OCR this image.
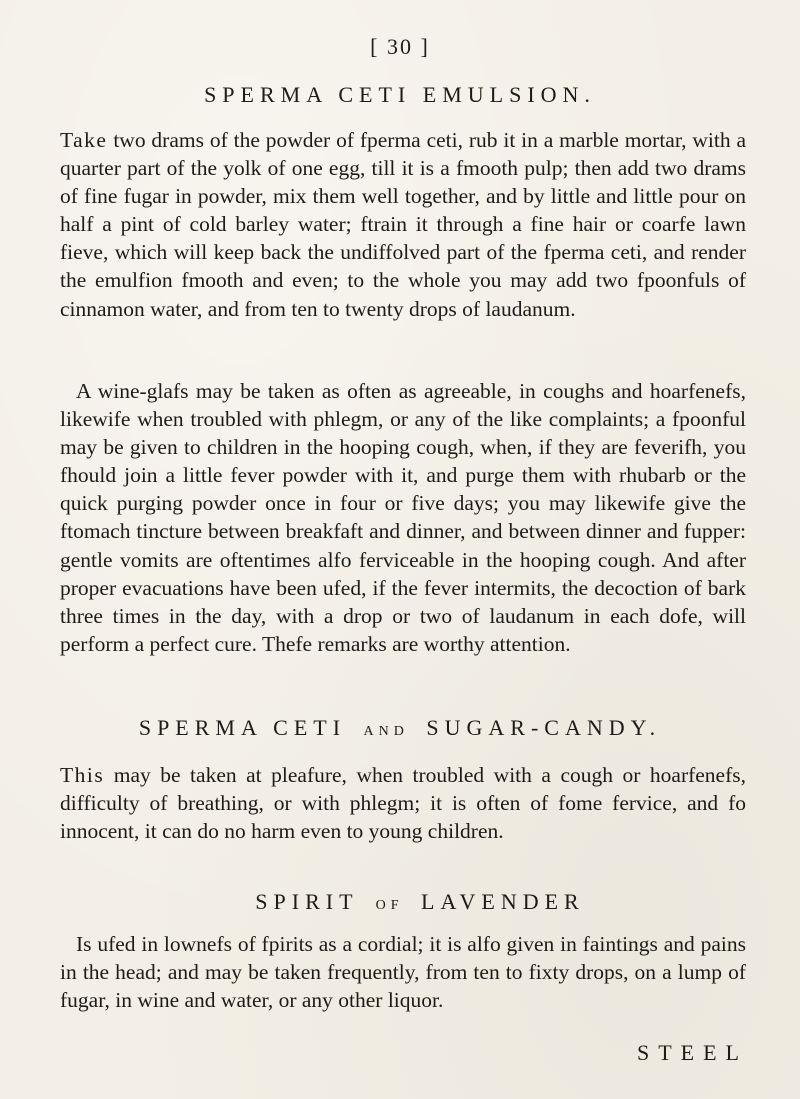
[ 30 ]
SPERMA CETI EMULSION.

Take two drams of the powder of fperma ceti, rub it in a marble mortar, with a quarter part of the yolk of one egg, till it is a fmooth pulp; then add two drams of fine fugar in powder, mix them well together, and by little and little pour on half a pint of cold barley water; ftrain it through a fine hair or coarfe lawn fieve, which will keep back the undiffolved part of the fperma ceti, and render the emulfion fmooth and even; to the whole you may add two fpoonfuls of cinnamon water, and from ten to twenty drops of laudanum.

A wine-glafs may be taken as often as agreeable, in coughs and hoarfenefs, likewife when troubled with phlegm, or any of the like complaints; a fpoonful may be given to children in the hooping cough, when, if they are feverifh, you fhould join a little fever powder with it, and purge them with rhubarb or the quick purging powder once in four or five days; you may likewife give the ftomach tincture between breakfaft and dinner, and between dinner and fupper: gentle vomits are oftentimes alfo ferviceable in the hooping cough. And after proper evacuations have been ufed, if the fever intermits, the decoction of bark three times in the day, with a drop or two of laudanum in each dofe, will perform a perfect cure. Thefe remarks are worthy attention.

SPERMA CETI AND SUGAR-CANDY.

This may be taken at pleafure, when troubled with a cough or hoarfenefs, difficulty of breathing, or with phlegm; it is often of fome fervice, and fo innocent, it can do no harm even to young children.

SPIRIT OF LAVENDER

Is ufed in lownefs of fpirits as a cordial; it is alfo given in faintings and pains in the head; and may be taken frequently, from ten to fixty drops, on a lump of fugar, in wine and water, or any other liquor.

STEEL
